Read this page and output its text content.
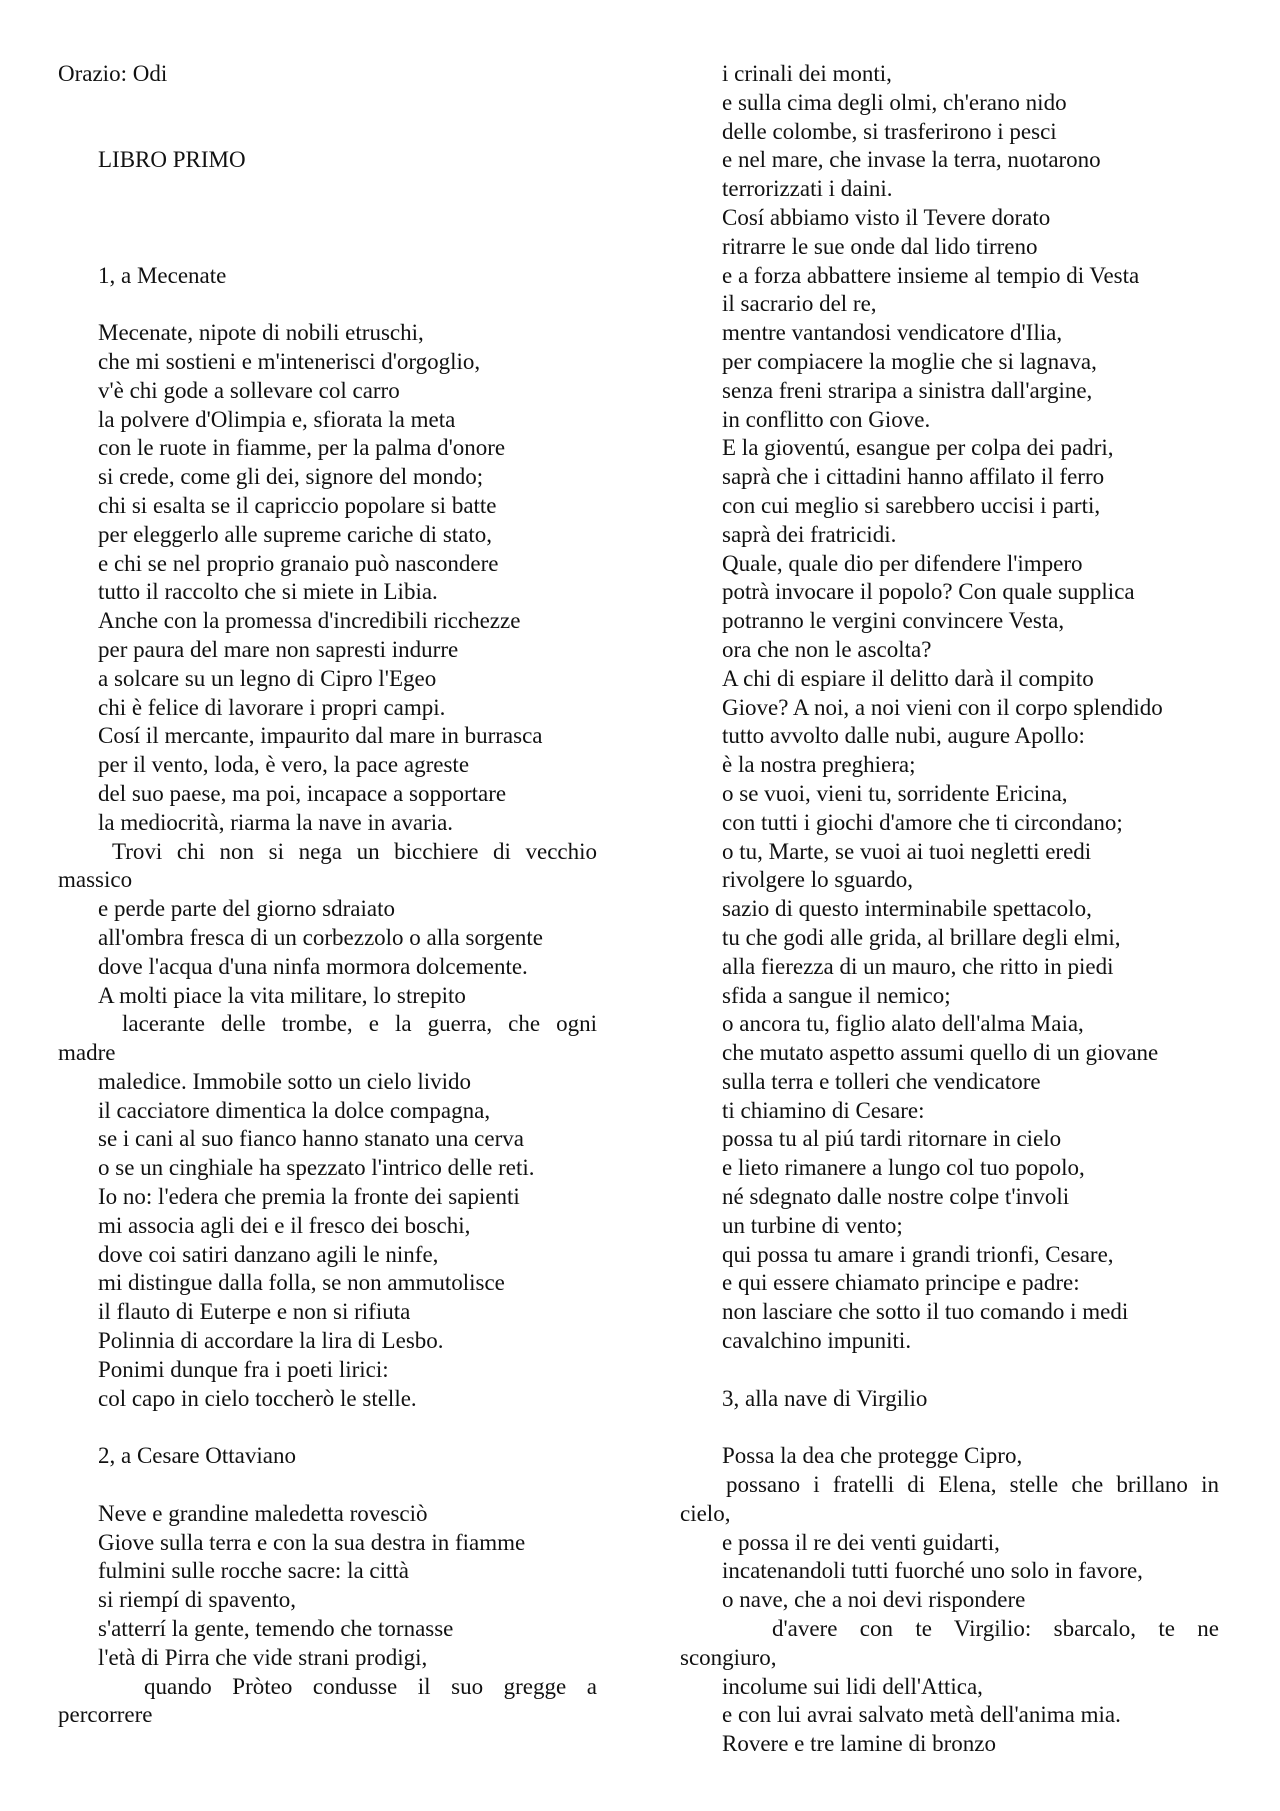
Orazio: Odi
LIBRO PRIMO
1, a Mecenate
Mecenate, nipote di nobili etruschi,
che mi sostieni e m'intenerisci d'orgoglio,
v'è chi gode a sollevare col carro
la polvere d'Olimpia e, sfiorata la meta
con le ruote in fiamme, per la palma d'onore
si crede, come gli dei, signore del mondo;
chi si esalta se il capriccio popolare si batte
per eleggerlo alle supreme cariche di stato,
e chi se nel proprio granaio può nascondere
tutto il raccolto che si miete in Libia.
Anche con la promessa d'incredibili ricchezze
per paura del mare non sapresti indurre
a solcare su un legno di Cipro l'Egeo
chi è felice di lavorare i propri campi.
Cosí il mercante, impaurito dal mare in burrasca
per il vento, loda, è vero, la pace agreste
del suo paese, ma poi, incapace a sopportare
la mediocrità, riarma la nave in avaria.
Trovi chi non si nega un bicchiere di vecchio
massico
e perde parte del giorno sdraiato
all'ombra fresca di un corbezzolo o alla sorgente
dove l'acqua d'una ninfa mormora dolcemente.
A molti piace la vita militare, lo strepito
lacerante delle trombe, e la guerra, che ogni
madre
maledice. Immobile sotto un cielo livido
il cacciatore dimentica la dolce compagna,
se i cani al suo fianco hanno stanato una cerva
o se un cinghiale ha spezzato l'intrico delle reti.
Io no: l'edera che premia la fronte dei sapienti
mi associa agli dei e il fresco dei boschi,
dove coi satiri danzano agili le ninfe,
mi distingue dalla folla, se non ammutolisce
il flauto di Euterpe e non si rifiuta
Polinnia di accordare la lira di Lesbo.
Ponimi dunque fra i poeti lirici:
col capo in cielo toccherò le stelle.
2, a Cesare Ottaviano
Neve e grandine maledetta rovesciò
Giove sulla terra e con la sua destra in fiamme
fulmini sulle rocche sacre: la città
si riempí di spavento,
s'atterrí la gente, temendo che tornasse
l'età di Pirra che vide strani prodigi,
quando Pròteo condusse il suo gregge a
percorrere
i crinali dei monti,
e sulla cima degli olmi, ch'erano nido
delle colombe, si trasferirono i pesci
e nel mare, che invase la terra, nuotarono
terrorizzati i daini.
Cosí abbiamo visto il Tevere dorato
ritrarre le sue onde dal lido tirreno
e a forza abbattere insieme al tempio di Vesta
il sacrario del re,
mentre vantandosi vendicatore d'Ilia,
per compiacere la moglie che si lagnava,
senza freni straripa a sinistra dall'argine,
in conflitto con Giove.
E la gioventú, esangue per colpa dei padri,
saprà che i cittadini hanno affilato il ferro
con cui meglio si sarebbero uccisi i parti,
saprà dei fratricidi.
Quale, quale dio per difendere l'impero
potrà invocare il popolo? Con quale supplica
potranno le vergini convincere Vesta,
ora che non le ascolta?
A chi di espiare il delitto darà il compito
Giove? A noi, a noi vieni con il corpo splendido
tutto avvolto dalle nubi, augure Apollo:
è la nostra preghiera;
o se vuoi, vieni tu, sorridente Ericina,
con tutti i giochi d'amore che ti circondano;
o tu, Marte, se vuoi ai tuoi negletti eredi
rivolgere lo sguardo,
sazio di questo interminabile spettacolo,
tu che godi alle grida, al brillare degli elmi,
alla fierezza di un mauro, che ritto in piedi
sfida a sangue il nemico;
o ancora tu, figlio alato dell'alma Maia,
che mutato aspetto assumi quello di un giovane
sulla terra e tolleri che vendicatore
ti chiamino di Cesare:
possa tu al piú tardi ritornare in cielo
e lieto rimanere a lungo col tuo popolo,
né sdegnato dalle nostre colpe t'involi
un turbine di vento;
qui possa tu amare i grandi trionfi, Cesare,
e qui essere chiamato principe e padre:
non lasciare che sotto il tuo comando i medi
cavalchino impuniti.
3, alla nave di Virgilio
Possa la dea che protegge Cipro,
possano i fratelli di Elena, stelle che brillano in
cielo,
e possa il re dei venti guidarti,
incatenandoli tutti fuorché uno solo in favore,
o nave, che a noi devi rispondere
d'avere con te Virgilio: sbarcalo, te ne
scongiuro,
incolume sui lidi dell'Attica,
e con lui avrai salvato metà dell'anima mia.
Rovere e tre lamine di bronzo
